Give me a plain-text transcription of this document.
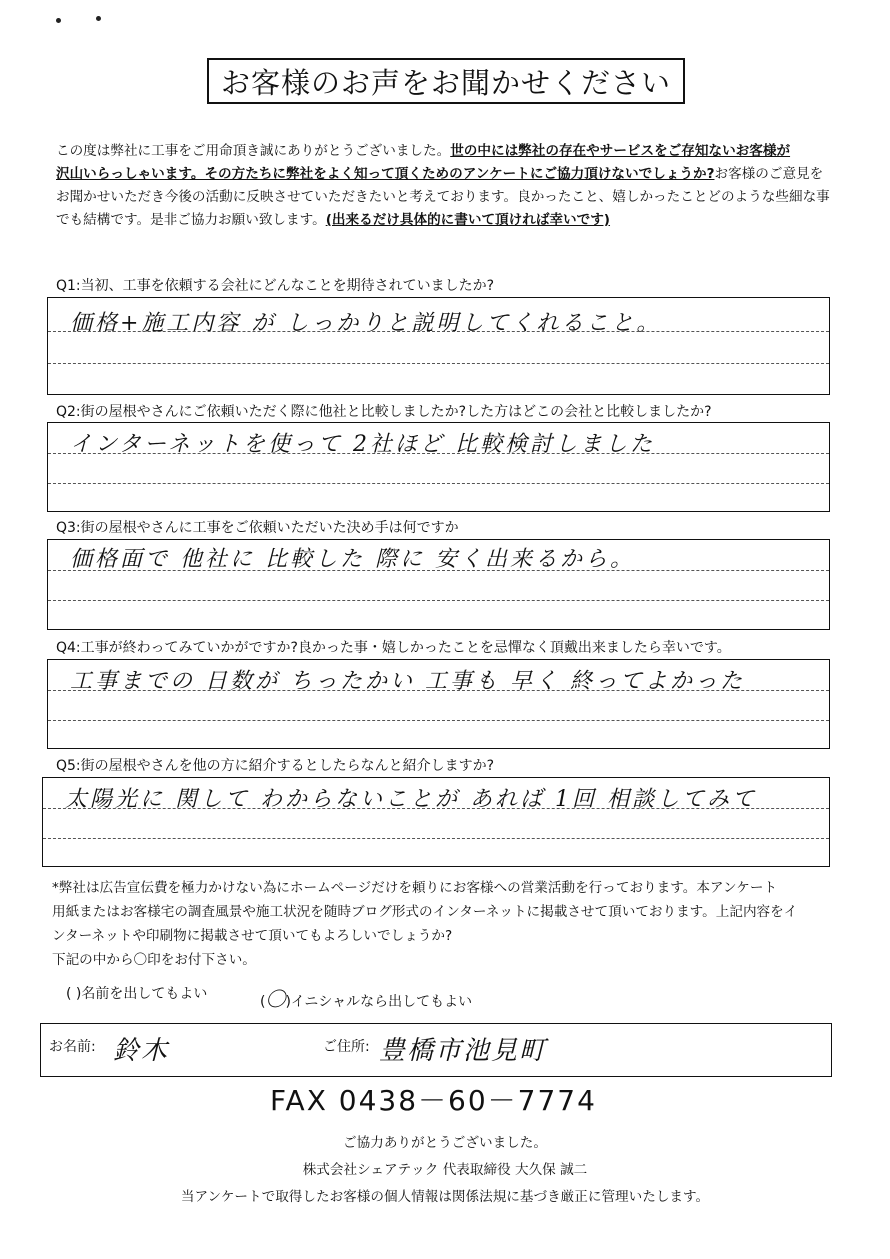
お客様のお声をお聞かせください

この度は弊社に工事をご用命頂き誠にありがとうございました。世の中には弊社の存在やサービスをご存知ないお客様が

沢山いらっしゃいます。その方たちに弊社をよく知って頂くためのアンケートにご協力頂けないでしょうか?お客様のご意見を

お聞かせいただき今後の活動に反映させていただきたいと考えております。良かったこと、嬉しかったことどのような些細な事

でも結構です。是非ご協力お願い致します。(出来るだけ具体的に書いて頂ければ幸いです)

Q1:当初、工事を依頼する会社にどんなことを期待されていましたか?
価格+施工内容 が しっかりと説明してくれること。
Q2:街の屋根やさんにご依頼いただく際に他社と比較しましたか?した方はどこの会社と比較しましたか?
インターネットを使って 2社ほど 比較検討しました
Q3:街の屋根やさんに工事をご依頼いただいた決め手は何ですか
価格面で 他社に 比較した 際に 安く出来るから。
Q4:工事が終わってみていかがですか?良かった事・嬉しかったことを忌憚なく頂戴出来ましたら幸いです。
工事までの 日数が ちったかい 工事も 早く 終ってよかった
Q5:街の屋根やさんを他の方に紹介するとしたらなんと紹介しますか?
太陽光に 関して わからないことが あれば 1回 相談してみて

*弊社は広告宣伝費を極力かけない為にホームページだけを頼りにお客様への営業活動を行っております。本アンケート

用紙またはお客様宅の調査風景や施工状況を随時ブログ形式のインターネットに掲載させて頂いております。上記内容をイ

ンターネットや印刷物に掲載させて頂いてもよろしいでしょうか?

下記の中から〇印をお付下さい。

( )名前を出してもよい	(〇)イニシャルなら出してもよい
お名前: 鈴木	ご住所: 豊橋市池見町
FAX 0438－60－7774
ご協力ありがとうございました。
株式会社シェアテック 代表取締役 大久保 誠二
当アンケートで取得したお客様の個人情報は関係法規に基づき厳正に管理いたします。
